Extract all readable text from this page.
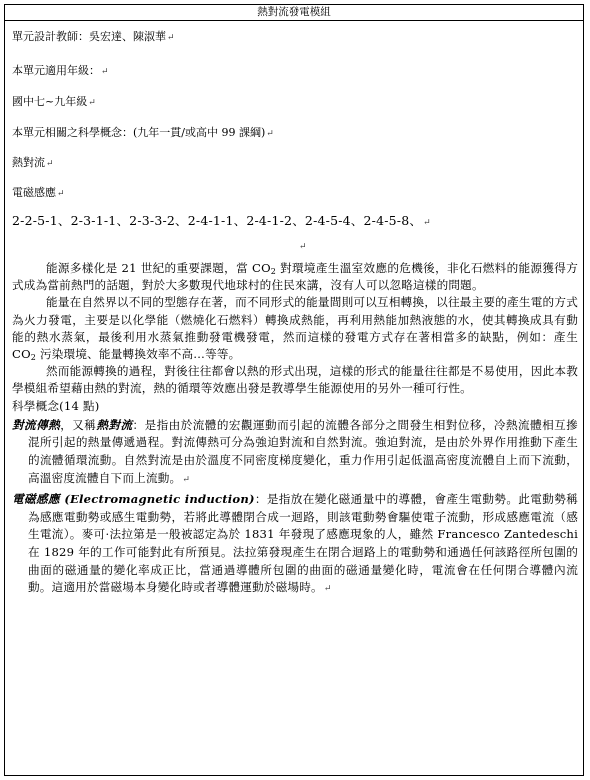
熱對流發電模組
單元設計教師：吳宏達、陳淑華↵
本單元適用年級：↵
國中七~九年級↵
本單元相關之科學概念：(九年一貫/或高中 99 課綱)↵
熱對流↵
電磁感應↵
2-2-5-1、2-3-1-1、2-3-3-2、2-4-1-1、2-4-1-2、2-4-5-4、2-4-5-8、↵
↵

能源多樣化是 21 世紀的重要課題，當 $CO_2$ 對環境產生溫室效應的危機後，非化石燃料的能源獲得方式成為當前熱門的話題，對於大多數現代地球村的住民來講，沒有人可以忽略這樣的問題。

能量在自然界以不同的型態存在著，而不同形式的能量間則可以互相轉換，以往最主要的產生電的方式為火力發電，主要是以化學能（燃燒化石燃料）轉換成熱能，再利用熱能加熱液態的水，使其轉換成具有動能的熱水蒸氣，最後利用水蒸氣推動發電機發電，然而這樣的發電方式存在著相當多的缺點，例如：產生 $CO_2$ 污染環境、能量轉換效率不高…等等。

然而能源轉換的過程，對後往往都會以熱的形式出現，這樣的形式的能量往往都是不易使用，因此本教學模組希望藉由熱的對流，熱的循環等效應出發是教導學生能源使用的另外一種可行性。

科學概念(14 點)

對流傳熱，又稱熱對流：是指由於流體的宏觀運動而引起的流體各部分之間發生相對位移，冷熱流體相互摻混所引起的熱量傳遞過程。對流傳熱可分為強迫對流和自然對流。強迫對流，是由於外界作用推動下產生的流體循環流動。自然對流是由於溫度不同密度梯度變化，重力作用引起低溫高密度流體自上而下流動，高溫密度流體自下而上流動。↵

電磁感應 (Electromagnetic induction)：是指放在變化磁通量中的導體，會產生電動勢。此電動勢稱為感應電動勢或感生電動勢，若將此導體閉合成一迴路，則該電動勢會驅使電子流動，形成感應電流（感生電流）。麥可·法拉第是一般被認定為於 1831 年發現了感應現象的人，雖然 Francesco Zantedeschi 在 1829 年的工作可能對此有所預見。法拉第發現產生在閉合迴路上的電動勢和通過任何該路徑所包圍的曲面的磁通量的變化率成正比，當通過導體所包圍的曲面的磁通量變化時，電流會在任何閉合導體內流動。這適用於當磁場本身變化時或者導體運動於磁場時。↵
